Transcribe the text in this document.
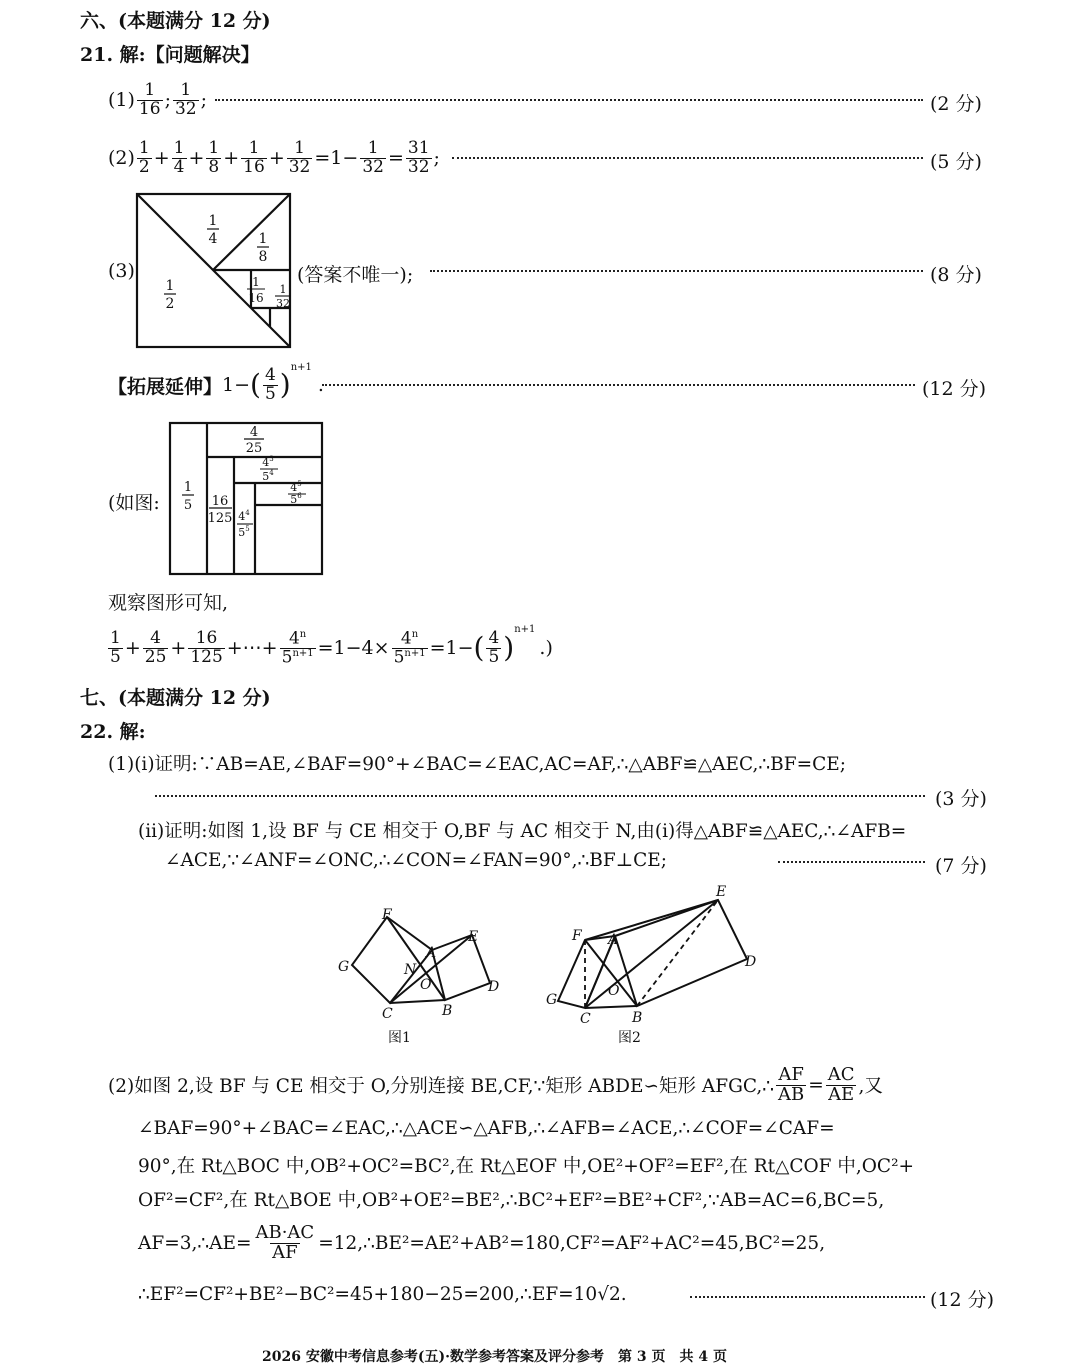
六、(本题满分 12 分)
21. 解:【问题解决】
$(1) \frac{1}{16}$ ; $\frac{1}{32}$ ;	(2 分)
$(2) \frac{1}{2} + \frac{1}{4} + \frac{1}{8} + \frac{1}{16} + \frac{1}{32} =1- \frac{1}{32} = \frac{31}{32}$ ;	(5 分)
(3)
1
2
1
4	1
8
1
16
1
32
(答案不唯一);	(8 分)
【拓展延伸】 1− ( $\frac{4}{5}$ )
$^{n+1}$
.	(12 分)
(如图:
1
5
4
25
16
125
$4^3$
$5^4$
$4^4$
$5^5$
$4^5$
$5^6$
观察图形可知,
$\frac{1}{5} + \frac{4}{25} + \frac{16}{125}$ +⋯+ $\frac{4^n}{5^{n+1}} =1-4\times \frac{4^n}{5^{n+1}} =1-$ ( $\frac{4}{5}$ )
$^{n+1}$
.)
七、(本题满分 12 分)
22. 解:
(1)(i)证明:∵AB=AE,∠BAF=90°+∠BAC=∠EAC,AC=AF,∴△ABF≌△AEC,∴BF=CE;
(3 分)
(ii)证明:如图 1,设 BF 与 CE 相交于 O,BF 与 AC 相交于 N,由(i)得△ABF≌△AEC,∴∠AFB=
∠ACE,∵∠ANF=∠ONC,∴∠CON=∠FAN=90°,∴BF⊥CE;	(7 分)
F
G
A
N
O
E
D
C	B
图1
F A
E
D
O
G
C	B
图2
(2)如图 2,设 BF 与 CE 相交于 O,分别连接 BE,CF,∵矩形 ABDE∽矩形 AFGC,∴ $\frac{AF}{AB} = \frac{AC}{AE}$ ,又
∠BAF=90°+∠BAC=∠EAC,∴△ACE∽△AFB,∴∠AFB=∠ACE,∴∠COF=∠CAF=
90°,在 Rt△BOC 中,OB²+OC²=BC²,在 Rt△EOF 中,OE²+OF²=EF²,在 Rt△COF 中,OC²+
OF²=CF²,在 Rt△BOE 中,OB²+OE²=BE²,∴BC²+EF²=BE²+CF²,∵AB=AC=6,BC=5,
AF=3,∴AE= $\frac{AB\cdot AC}{AF}$ =12,∴BE²=AE²+AB²=180,CF²=AF²+AC²=45,BC²=25,
∴EF²=CF²+BE²−BC²=45+180−25=200,∴EF=10√2.	(12 分)
2026 安徽中考信息参考(五)·数学参考答案及评分参考　第 3 页　共 4 页
